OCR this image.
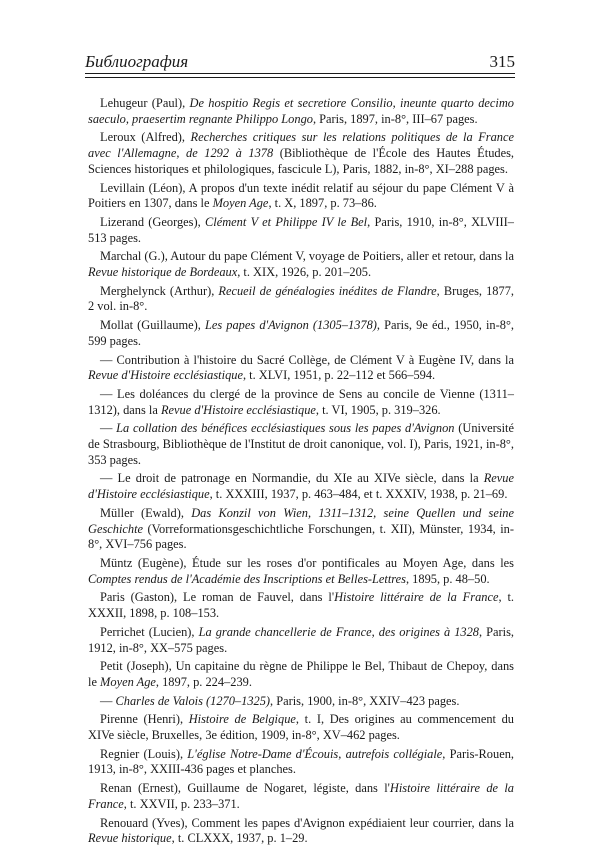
Библиография	315

Lehugeur (Paul), De hospitio Regis et secretiore Consilio, ineunte quarto decimo saeculo, praesertim regnante Philippo Longo, Paris, 1897, in-8°, III–67 pages.

Leroux (Alfred), Recherches critiques sur les relations politiques de la France avec l'Allemagne, de 1292 à 1378 (Bibliothèque de l'École des Hautes Études, Sciences historiques et philologiques, fascicule L), Paris, 1882, in-8°, XI–288 pages.

Levillain (Léon), A propos d'un texte inédit relatif au séjour du pape Clément V à Poitiers en 1307, dans le Moyen Age, t. X, 1897, p. 73–86.

Lizerand (Georges), Clément V et Philippe IV le Bel, Paris, 1910, in-8°, XLVIII–513 pages.

Marchal (G.), Autour du pape Clément V, voyage de Poitiers, aller et retour, dans la Revue historique de Bordeaux, t. XIX, 1926, p. 201–205.

Merghelynck (Arthur), Recueil de généalogies inédites de Flandre, Bruges, 1877, 2 vol. in-8°.

Mollat (Guillaume), Les papes d'Avignon (1305–1378), Paris, 9e éd., 1950, in-8°, 599 pages.

— Contribution à l'histoire du Sacré Collège, de Clément V à Eugène IV, dans la Revue d'Histoire ecclésiastique, t. XLVI, 1951, p. 22–112 et 566–594.

— Les doléances du clergé de la province de Sens au concile de Vienne (1311–1312), dans la Revue d'Histoire ecclésiastique, t. VI, 1905, p. 319–326.

— La collation des bénéfices ecclésiastiques sous les papes d'Avignon (Université de Strasbourg, Bibliothèque de l'Institut de droit canonique, vol. I), Paris, 1921, in-8°, 353 pages.

— Le droit de patronage en Normandie, du XIe au XIVe siècle, dans la Revue d'Histoire ecclésiastique, t. XXXIII, 1937, p. 463–484, et t. XXXIV, 1938, p. 21–69.

Müller (Ewald), Das Konzil von Wien, 1311–1312, seine Quellen und seine Geschichte (Vorreformationsgeschichtliche Forschungen, t. XII), Münster, 1934, in-8°, XVI–756 pages.

Müntz (Eugène), Étude sur les roses d'or pontificales au Moyen Age, dans les Comptes rendus de l'Académie des Inscriptions et Belles-Lettres, 1895, p. 48–50.

Paris (Gaston), Le roman de Fauvel, dans l'Histoire littéraire de la France, t. XXXII, 1898, p. 108–153.

Perrichet (Lucien), La grande chancellerie de France, des origines à 1328, Paris, 1912, in-8°, XX–575 pages.

Petit (Joseph), Un capitaine du règne de Philippe le Bel, Thibaut de Chepoy, dans le Moyen Age, 1897, p. 224–239.

— Charles de Valois (1270–1325), Paris, 1900, in-8°, XXIV–423 pages.

Pirenne (Henri), Histoire de Belgique, t. I, Des origines au commencement du XIVe siècle, Bruxelles, 3e édition, 1909, in-8°, XV–462 pages.

Regnier (Louis), L'église Notre-Dame d'Écouis, autrefois collégiale, Paris-Rouen, 1913, in-8°, XXIII-436 pages et planches.

Renan (Ernest), Guillaume de Nogaret, légiste, dans l'Histoire littéraire de la France, t. XXVII, p. 233–371.

Renouard (Yves), Comment les papes d'Avignon expédiaient leur courrier, dans la Revue historique, t. CLXXX, 1937, p. 1–29.
